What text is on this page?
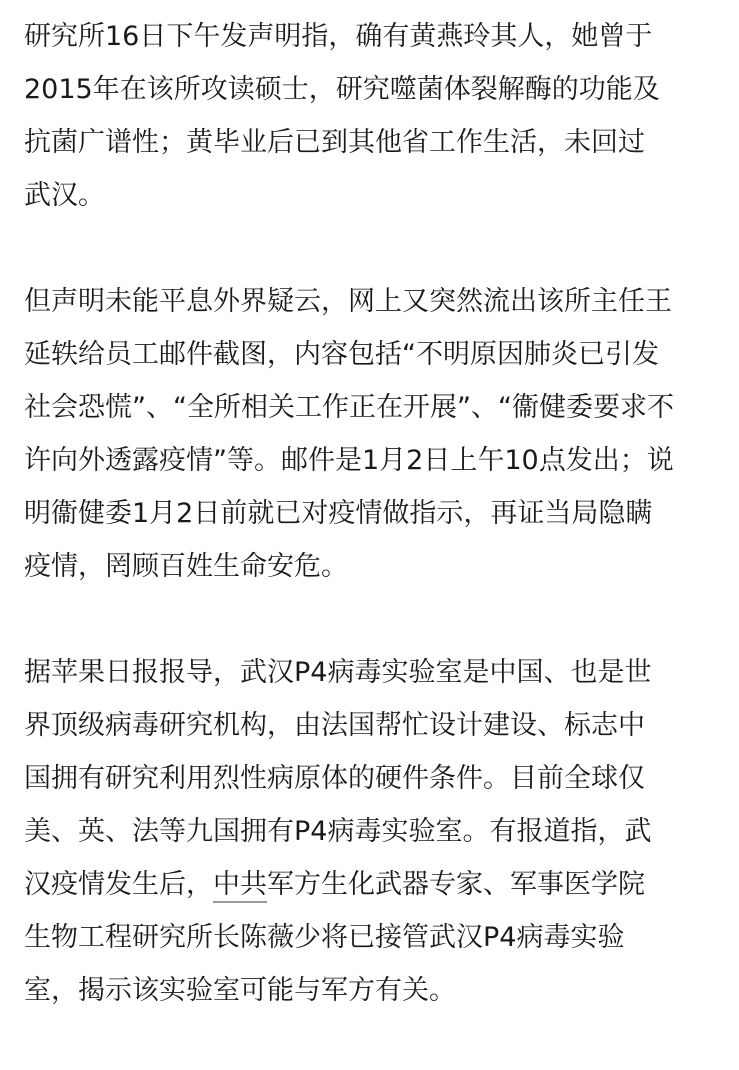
研究所16日下午发声明指，确有黄燕玲其人，她曾于
2015年在该所攻读硕士，研究噬菌体裂解酶的功能及
抗菌广谱性；黄毕业后已到其他省工作生活，未回过
武汉。

但声明未能平息外界疑云，网上又突然流出该所主任王
延轶给员工邮件截图，内容包括“不明原因肺炎已引发
社会恐慌”、“全所相关工作正在开展”、“衞健委要求不
许向外透露疫情”等。邮件是1月2日上午10点发出；说
明衞健委1月2日前就已对疫情做指示，再证当局隐瞒
疫情，罔顾百姓生命安危。

据苹果日报报导，武汉P4病毒实验室是中国、也是世
界顶级病毒研究机构，由法国帮忙设计建设、标志中
国拥有研究利用烈性病原体的硬件条件。目前全球仅
美、英、法等九国拥有P4病毒实验室。有报道指，武
汉疫情发生后，中共军方生化武器专家、军事医学院
生物工程研究所长陈薇少将已接管武汉P4病毒实验
室，揭示该实验室可能与军方有关。
